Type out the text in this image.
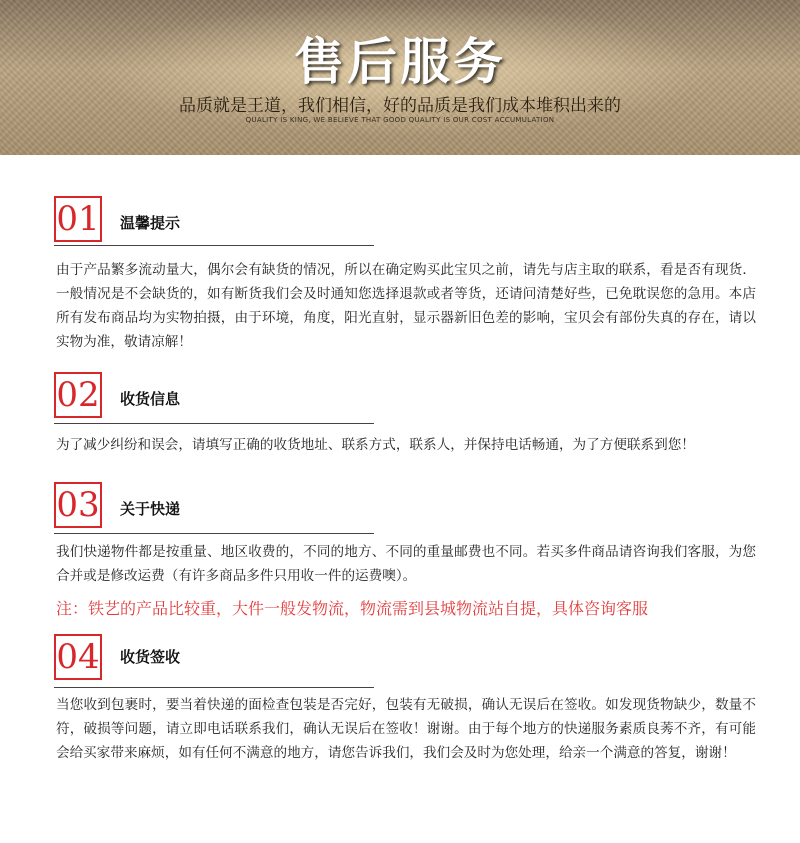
售后服务
品质就是王道，我们相信，好的品质是我们成本堆积出来的
QUALITY IS KING, WE BELIEVE THAT GOOD QUALITY IS OUR COST ACCUMULATION
01 温馨提示
由于产品繁多流动量大，偶尔会有缺货的情况，所以在确定购买此宝贝之前，请先与店主取的联系，看是否有现货．一般情况是不会缺货的，如有断货我们会及时通知您选择退款或者等货，还请问清楚好些，已免耽误您的急用。本店所有发布商品均为实物拍摄，由于环境，角度，阳光直射，显示器新旧色差的影响，宝贝会有部份失真的存在，请以实物为准，敬请凉解！
02 收货信息
为了减少纠纷和误会，请填写正确的收货地址、联系方式，联系人，并保持电话畅通，为了方便联系到您！
03 关于快递
我们快递物件都是按重量、地区收费的，不同的地方、不同的重量邮费也不同。若买多件商品请咨询我们客服，为您合并或是修改运费（有许多商品多件只用收一件的运费噢）。
注：铁艺的产品比较重，大件一般发物流，物流需到县城物流站自提，具体咨询客服
04 收货签收
当您收到包裹时，要当着快递的面检查包装是否完好，包装有无破损，确认无误后在签收。如发现货物缺少，数量不符，破损等问题，请立即电话联系我们，确认无误后在签收！谢谢。由于每个地方的快递服务素质良莠不齐，有可能会给买家带来麻烦，如有任何不满意的地方，请您告诉我们，我们会及时为您处理，给亲一个满意的答复，谢谢！
